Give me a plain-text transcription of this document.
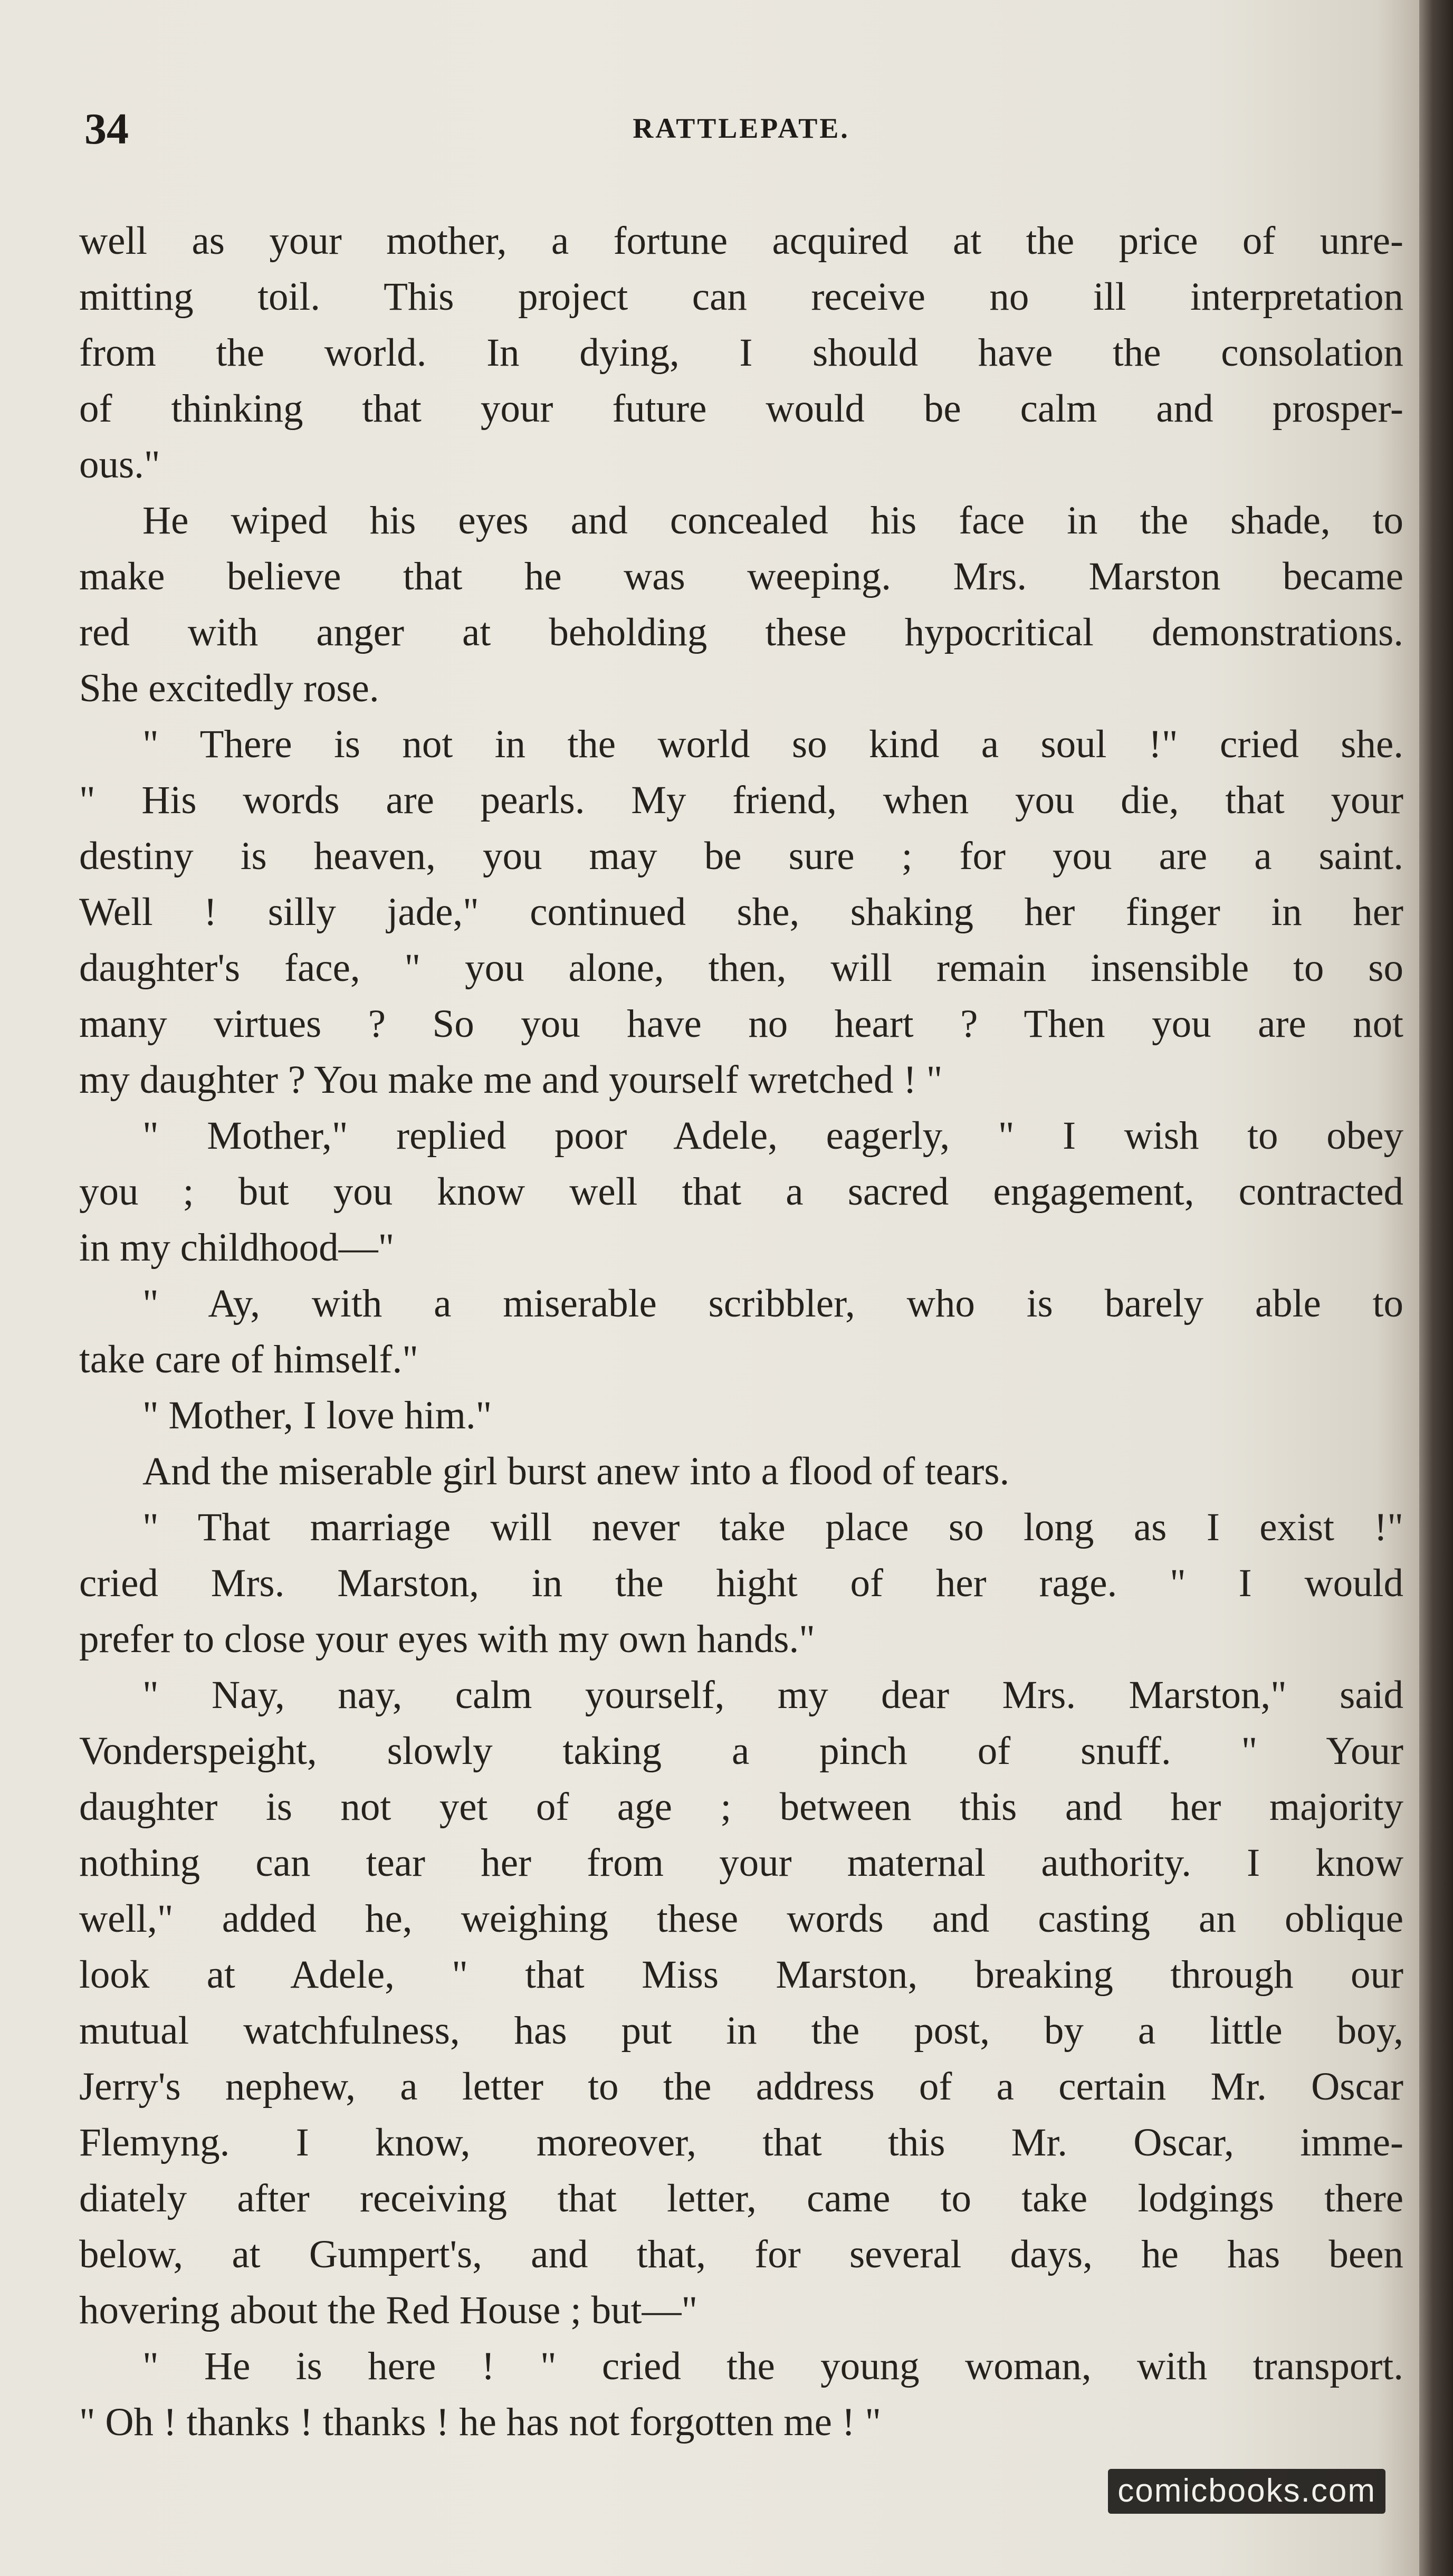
34	RATTLEPATE.
well as your mother, a fortune acquired at the price of unre-
mitting toil. This project can receive no ill interpretation
from the world. In dying, I should have the consolation
of thinking that your future would be calm and prosper-
ous."
He wiped his eyes and concealed his face in the shade, to
make believe that he was weeping. Mrs. Marston became
red with anger at beholding these hypocritical demonstrations.
She excitedly rose.
" There is not in the world so kind a soul !" cried she.
" His words are pearls. My friend, when you die, that your
destiny is heaven, you may be sure ; for you are a saint.
Well ! silly jade," continued she, shaking her finger in her
daughter's face, " you alone, then, will remain insensible to so
many virtues ? So you have no heart ? Then you are not
my daughter ? You make me and yourself wretched ! "
" Mother," replied poor Adele, eagerly, " I wish to obey
you ; but you know well that a sacred engagement, contracted
in my childhood—"
" Ay, with a miserable scribbler, who is barely able to
take care of himself."
" Mother, I love him."
And the miserable girl burst anew into a flood of tears.
" That marriage will never take place so long as I exist !"
cried Mrs. Marston, in the hight of her rage. " I would
prefer to close your eyes with my own hands."
" Nay, nay, calm yourself, my dear Mrs. Marston," said
Vonderspeight, slowly taking a pinch of snuff. " Your
daughter is not yet of age ; between this and her majority
nothing can tear her from your maternal authority. I know
well," added he, weighing these words and casting an oblique
look at Adele, " that Miss Marston, breaking through our
mutual watchfulness, has put in the post, by a little boy,
Jerry's nephew, a letter to the address of a certain Mr. Oscar
Flemyng. I know, moreover, that this Mr. Oscar, imme-
diately after receiving that letter, came to take lodgings there
below, at Gumpert's, and that, for several days, he has been
hovering about the Red House ; but—"
" He is here ! " cried the young woman, with transport.
" Oh ! thanks ! thanks ! he has not forgotten me ! "
comicbooks.com
